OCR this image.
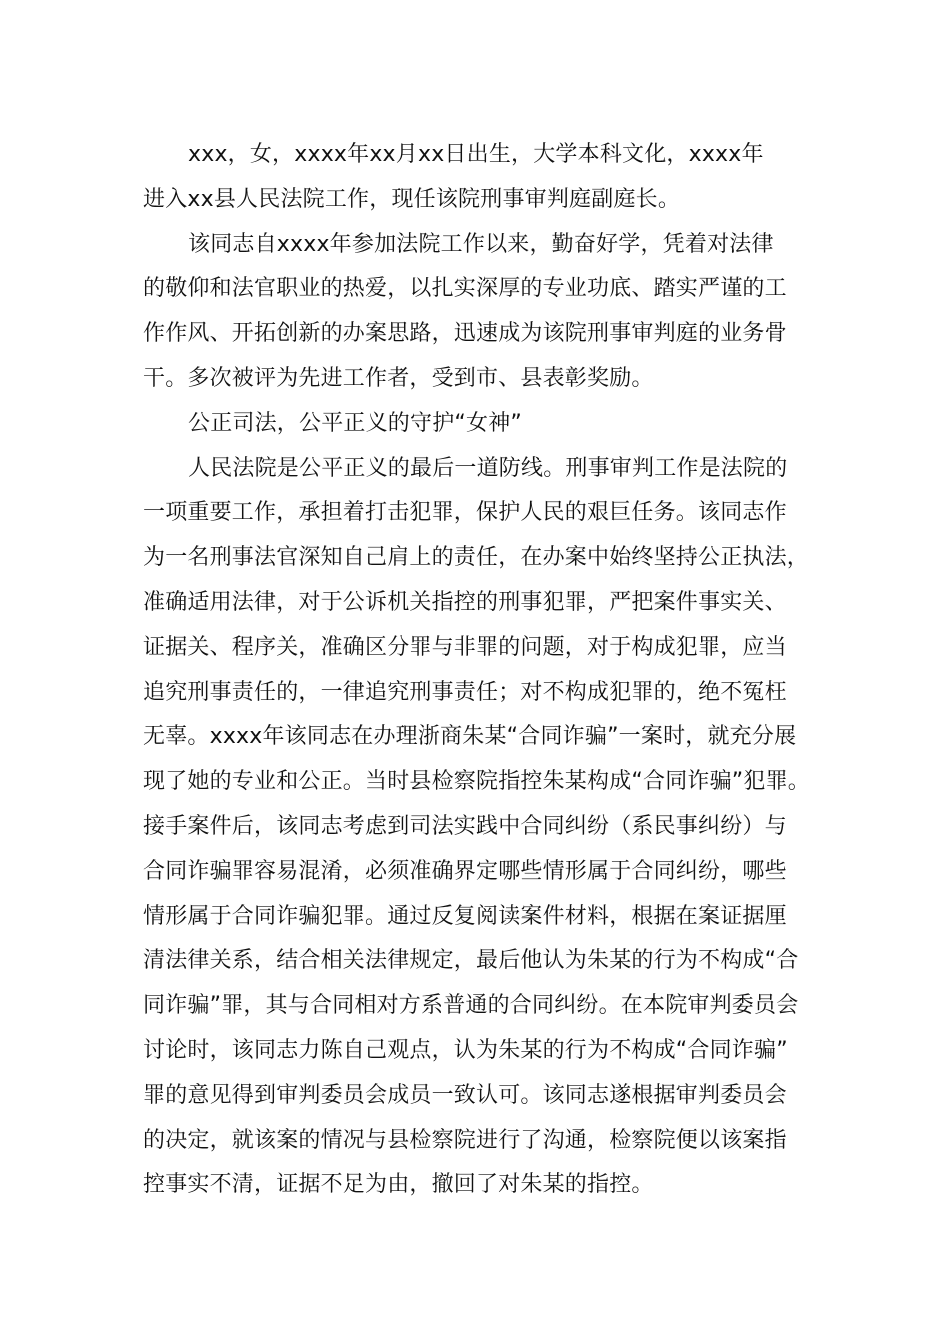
xxx，女，xxxx年xx月xx日出生，大学本科文化，xxxx年
进入xx县人民法院工作，现任该院刑事审判庭副庭长。
该同志自xxxx年参加法院工作以来，勤奋好学，凭着对法律
的敬仰和法官职业的热爱，以扎实深厚的专业功底、踏实严谨的工
作作风、开拓创新的办案思路，迅速成为该院刑事审判庭的业务骨
干。多次被评为先进工作者，受到市、县表彰奖励。
公正司法，公平正义的守护“女神”
人民法院是公平正义的最后一道防线。刑事审判工作是法院的
一项重要工作，承担着打击犯罪，保护人民的艰巨任务。该同志作
为一名刑事法官深知自己肩上的责任，在办案中始终坚持公正执法，
准确适用法律，对于公诉机关指控的刑事犯罪，严把案件事实关、
证据关、程序关，准确区分罪与非罪的问题，对于构成犯罪，应当
追究刑事责任的，一律追究刑事责任；对不构成犯罪的，绝不冤枉
无辜。xxxx年该同志在办理浙商朱某“合同诈骗”一案时，就充分展
现了她的专业和公正。当时县检察院指控朱某构成“合同诈骗”犯罪。
接手案件后，该同志考虑到司法实践中合同纠纷（系民事纠纷）与
合同诈骗罪容易混淆，必须准确界定哪些情形属于合同纠纷，哪些
情形属于合同诈骗犯罪。通过反复阅读案件材料，根据在案证据厘
清法律关系，结合相关法律规定，最后他认为朱某的行为不构成“合
同诈骗”罪，其与合同相对方系普通的合同纠纷。在本院审判委员会
讨论时，该同志力陈自己观点，认为朱某的行为不构成“合同诈骗”
罪的意见得到审判委员会成员一致认可。该同志遂根据审判委员会
的决定，就该案的情况与县检察院进行了沟通，检察院便以该案指
控事实不清，证据不足为由，撤回了对朱某的指控。
